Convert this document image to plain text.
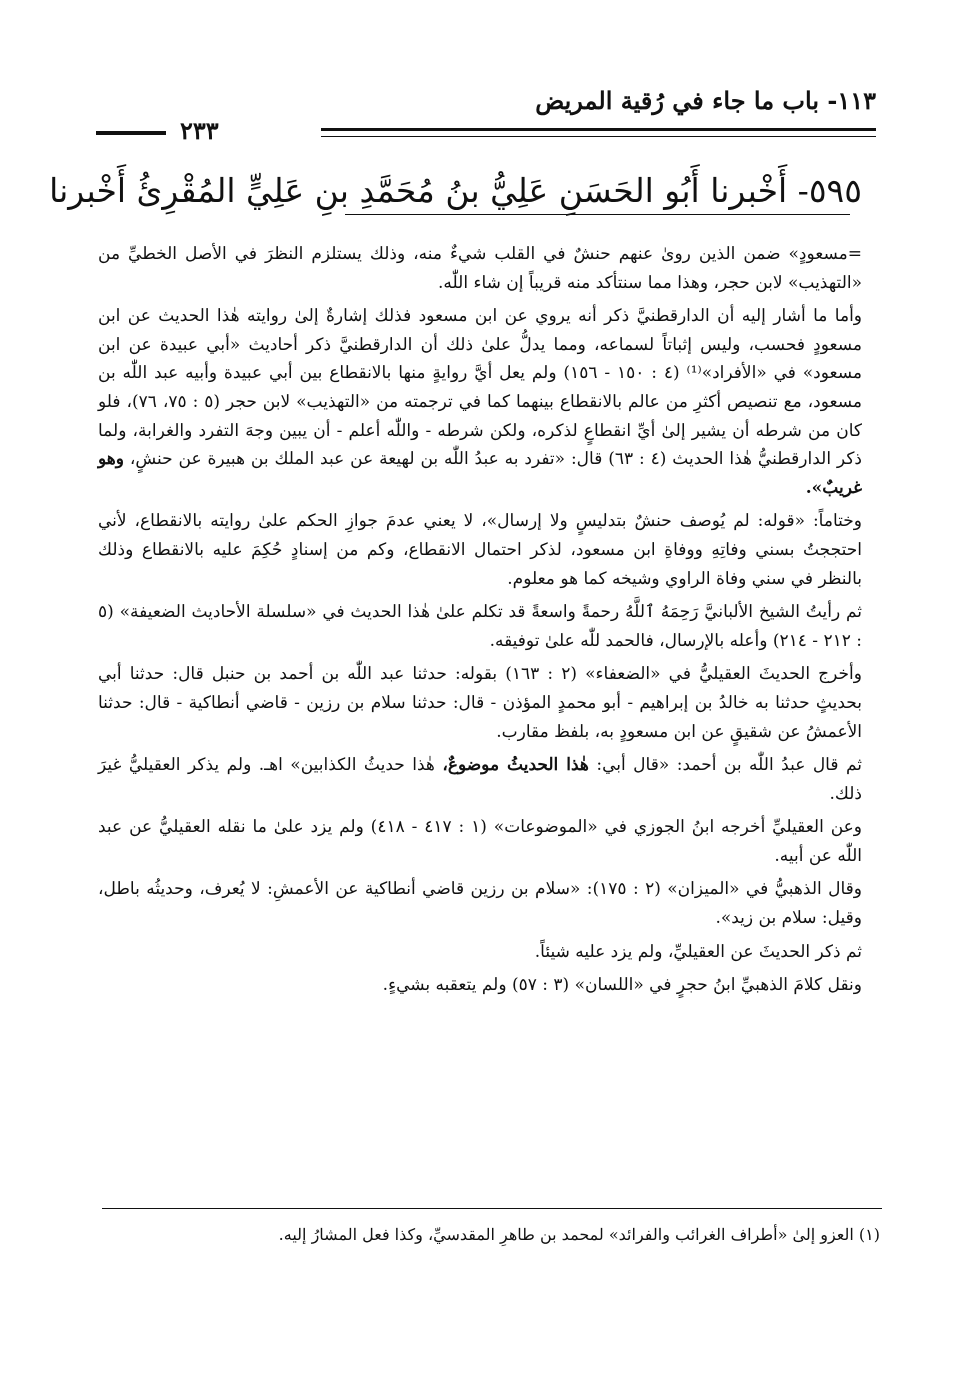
١١٣- باب ما جاء في رُقية المريض
٢٣٣
٥٩٥- أَخْبرنا أَبُو الحَسَنِ عَلِيُّ بنُ مُحَمَّدِ بنِ عَلِيٍّ المُقْرِئُ أَخْبرنا

=مسعودٍ» ضمن الذين روىٰ عنهم حنشٌ في القلب شيءٌ منه، وذلك يستلزم النظرَ في الأصل الخطيِّ من «التهذيب» لابن حجر، وهذا مما سنتأكد منه قريباً إن شاء اللّٰه.

وأما ما أشار إليه أن الدارقطنيَّ ذكر أنه يروي عن ابن مسعود فذلك إشارةٌ إلىٰ روايته هٰذا الحديث عن ابن مسعودٍ فحسب، وليس إثباتاً لسماعه، ومما يدلُّ علىٰ ذلك أن الدارقطنيَّ ذكر أحاديث «أبي عبيدة عن ابن مسعود» في «الأفراد»⁽¹⁾ (٤ : ١٥٠ - ١٥٦) ولم يعل أيَّ روايةٍ منها بالانقطاع بين أبي عبيدة وأبيه عبد اللّٰه بن مسعود، مع تنصيص أكثرِ من عالم بالانقطاع بينهما كما في ترجمته من «التهذيب» لابن حجر (٥ : ٧٥، ٧٦)، فلو كان من شرطه أن يشير إلىٰ أيِّ انقطاعٍ لذكره، ولكن شرطه - واللّٰه أعلم - أن يبين وجهَ التفرد والغرابة، ولما ذكر الدارقطنيُّ هٰذا الحديث (٤ : ٦٣) قال: «تفرد به عبدُ اللّٰه بن لهيعة عن عبد الملك بن هبيرة عن حنشٍ، وهو غريبٌ».

وختاماً: «قوله: لم يُوصف حنشٌ بتدليسٍ ولا إرسال»، لا يعني عدمَ جوازِ الحكم علىٰ روايته بالانقطاع، لأني احتججتُ بسني وفاتِهِ ووفاةِ ابن مسعود، لذكر احتمال الانقطاع، وكم من إسنادٍ حُكِمَ عليه بالانقطاع وذلك بالنظر في سني وفاة الراوي وشيخه كما هو معلوم.

ثم رأيتُ الشيخ الألبانيَّ رَحِمَهُ ٱللَّهُ رحمةً واسعةً قد تكلم علىٰ هٰذا الحديث في «سلسلة الأحاديث الضعيفة» (٥ : ٢١٢ - ٢١٤) وأعله بالإرسال، فالحمد للّٰه علىٰ توفيقه.

وأخرج الحديثَ العقيليُّ في «الضعفاء» (٢ : ١٦٣) بقوله: حدثنا عبد اللّٰه بن أحمد بن حنبل قال: حدثنا أبي بحديثٍ حدثنا به خالدُ بن إبراهيم - أبو محمدٍ المؤذن - قال: حدثنا سلام بن رزين - قاضي أنطاكية - قال: حدثنا الأعمشُ عن شقيقٍ عن ابن مسعودٍ به، بلفظ مقارب.

ثم قال عبدُ اللّٰه بن أحمد: «قال أبي: هٰذا الحديثُ موضوعٌ، هٰذا حديثُ الكذابين» اهـ. ولم يذكر العقيليُّ غيرَ ذلك.

وعن العقيليِّ أخرجه ابنُ الجوزي في «الموضوعات» (١ : ٤١٧ - ٤١٨) ولم يزد علىٰ ما نقله العقيليُّ عن عبد اللّٰه عن أبيه.

وقال الذهبيُّ في «الميزان» (٢ : ١٧٥): «سلام بن رزين قاضي أنطاكية عن الأعمشِ: لا يُعرف، وحديثُه باطل، وقيل: سلام بن زيد».

ثم ذكر الحديثَ عن العقيليِّ، ولم يزد عليه شيئاً.

ونقل كلامَ الذهبيِّ ابنُ حجرٍ في «اللسان» (٣ : ٥٧) ولم يتعقبه بشيءٍ.

(١) العزو إلىٰ «أطراف الغرائب والفرائد» لمحمد بن طاهرِ المقدسيِّ، وكذا فعل المشارُ إليه.
